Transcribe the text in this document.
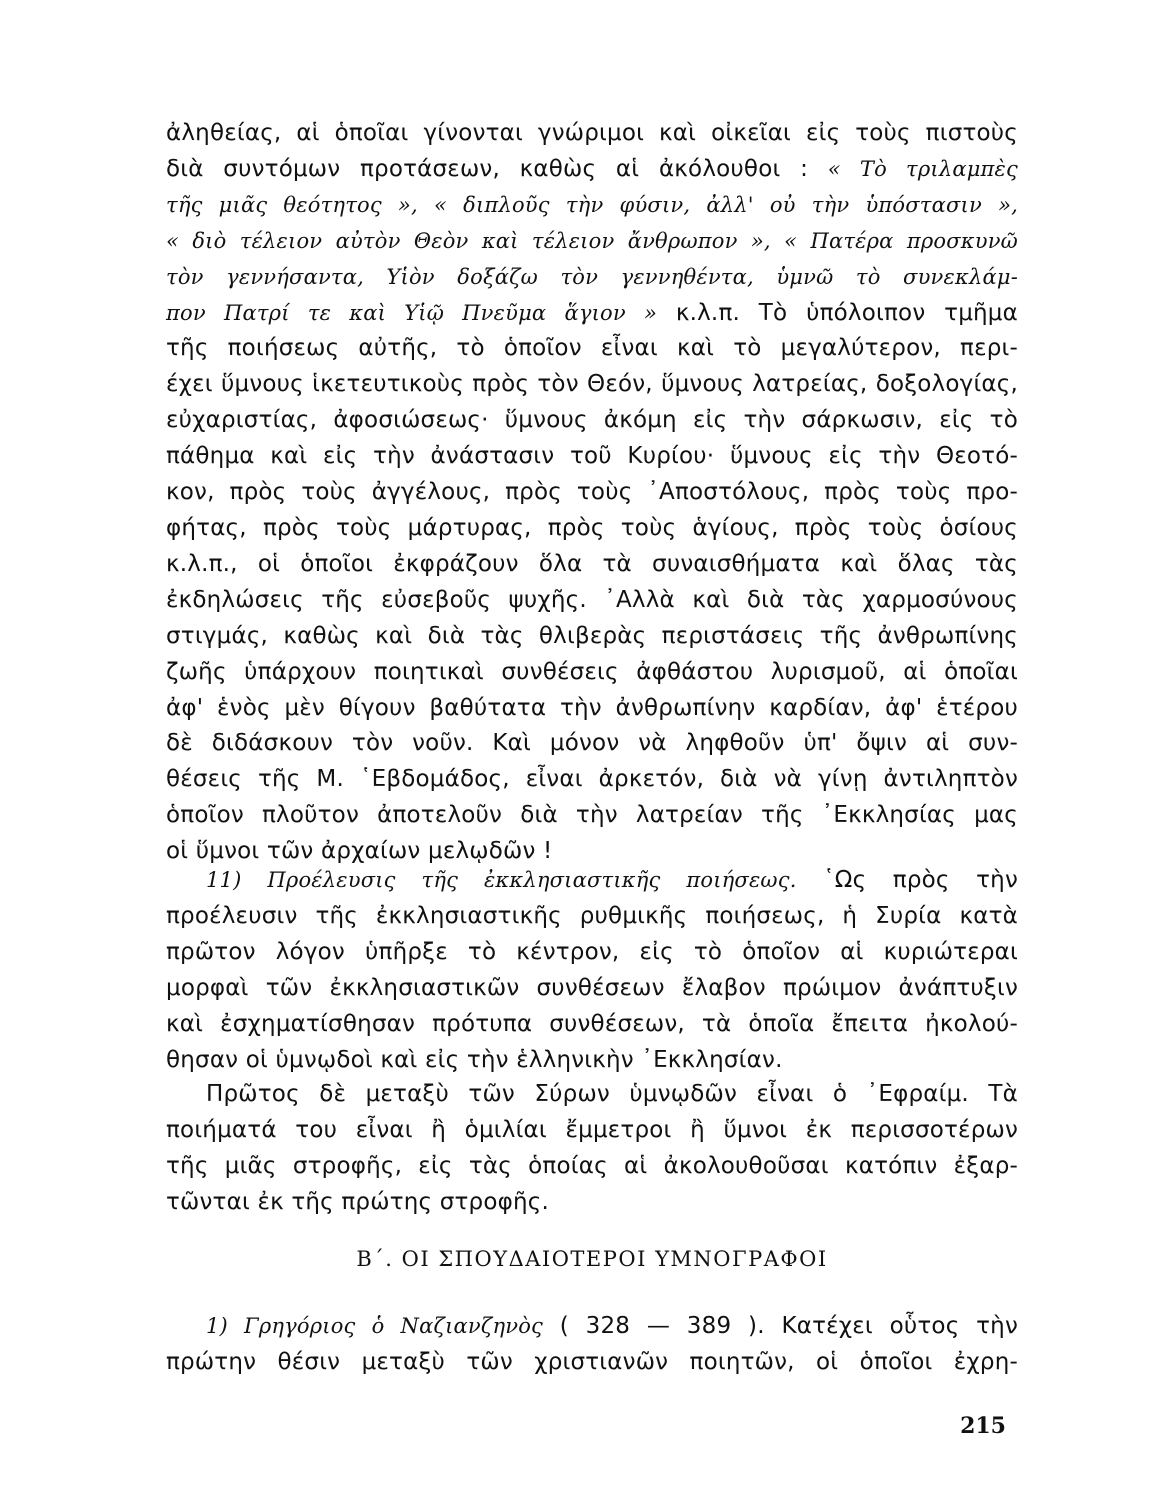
ἀληθείας, αἱ ὁποῖαι γίνονται γνώριμοι καὶ οἰκεῖαι εἰς τοὺς πιστοὺς
διὰ συντόμων προτάσεων, καθὼς αἱ ἀκόλουθοι : « Τὸ τριλαμπὲς
τῆς μιᾶς θεότητος », « διπλοῦς τὴν φύσιν, ἀλλ' οὐ τὴν ὑπόστασιν »,
« διὸ τέλειον αὐτὸν Θεὸν καὶ τέλειον ἄνθρωπον », « Πατέρα προσκυνῶ
τὸν γεννήσαντα, Υἱὸν δοξάζω τὸν γεννηθέντα, ὑμνῶ τὸ συνεκλάμ-
πον Πατρί τε καὶ Υἱῷ Πνεῦμα ἅγιον » κ.λ.π. Τὸ ὑπόλοιπον τμῆμα
τῆς ποιήσεως αὐτῆς, τὸ ὁποῖον εἶναι καὶ τὸ μεγαλύτερον, περι-
έχει ὕμνους ἱκετευτικοὺς πρὸς τὸν Θεόν, ὕμνους λατρείας, δοξολογίας,
εὐχαριστίας, ἀφοσιώσεως· ὕμνους ἀκόμη εἰς τὴν σάρκωσιν, εἰς τὸ
πάθημα καὶ εἰς τὴν ἀνάστασιν τοῦ Κυρίου· ὕμνους εἰς τὴν Θεοτό-
κον, πρὸς τοὺς ἀγγέλους, πρὸς τοὺς ᾿Αποστόλους, πρὸς τοὺς προ-
φήτας, πρὸς τοὺς μάρτυρας, πρὸς τοὺς ἁγίους, πρὸς τοὺς ὁσίους
κ.λ.π., οἱ ὁποῖοι ἐκφράζουν ὅλα τὰ συναισθήματα καὶ ὅλας τὰς
ἐκδηλώσεις τῆς εὐσεβοῦς ψυχῆς. ᾿Αλλὰ καὶ διὰ τὰς χαρμοσύνους
στιγμάς, καθὼς καὶ διὰ τὰς θλιβερὰς περιστάσεις τῆς ἀνθρωπίνης
ζωῆς ὑπάρχουν ποιητικαὶ συνθέσεις ἀφθάστου λυρισμοῦ, αἱ ὁποῖαι
ἀφ' ἑνὸς μὲν θίγουν βαθύτατα τὴν ἀνθρωπίνην καρδίαν, ἀφ' ἑτέρου
δὲ διδάσκουν τὸν νοῦν. Καὶ μόνον νὰ ληφθοῦν ὑπ' ὄψιν αἱ συν-
θέσεις τῆς Μ. ῾Εβδομάδος, εἶναι ἀρκετόν, διὰ νὰ γίνῃ ἀντιληπτὸν
ὁποῖον πλοῦτον ἀποτελοῦν διὰ τὴν λατρείαν τῆς ᾿Εκκλησίας μας
οἱ ὕμνοι τῶν ἀρχαίων μελῳδῶν !
11) Προέλευσις τῆς ἐκκλησιαστικῆς ποιήσεως. ῾Ως πρὸς τὴν
προέλευσιν τῆς ἐκκλησιαστικῆς ρυθμικῆς ποιήσεως, ἡ Συρία κατὰ
πρῶτον λόγον ὑπῆρξε τὸ κέντρον, εἰς τὸ ὁποῖον αἱ κυριώτεραι
μορφαὶ τῶν ἐκκλησιαστικῶν συνθέσεων ἔλαβον πρώιμον ἀνάπτυξιν
καὶ ἐσχηματίσθησαν πρότυπα συνθέσεων, τὰ ὁποῖα ἔπειτα ἠκολού-
θησαν οἱ ὑμνῳδοὶ καὶ εἰς τὴν ἑλληνικὴν ᾿Εκκλησίαν.
Πρῶτος δὲ μεταξὺ τῶν Σύρων ὑμνῳδῶν εἶναι ὁ ᾿Εφραίμ. Τὰ
ποιήματά του εἶναι ἢ ὁμιλίαι ἔμμετροι ἢ ὕμνοι ἐκ περισσοτέρων
τῆς μιᾶς στροφῆς, εἰς τὰς ὁποίας αἱ ἀκολουθοῦσαι κατόπιν ἐξαρ-
τῶνται ἐκ τῆς πρώτης στροφῆς.
Β΄. ΟΙ ΣΠΟΥΔΑΙΟΤΕΡΟΙ ΥΜΝΟΓΡΑΦΟΙ
1) Γρηγόριος ὁ Ναζιανζηνὸς ( 328 — 389 ). Κατέχει οὗτος τὴν
πρώτην θέσιν μεταξὺ τῶν χριστιανῶν ποιητῶν, οἱ ὁποῖοι ἐχρη-
215
